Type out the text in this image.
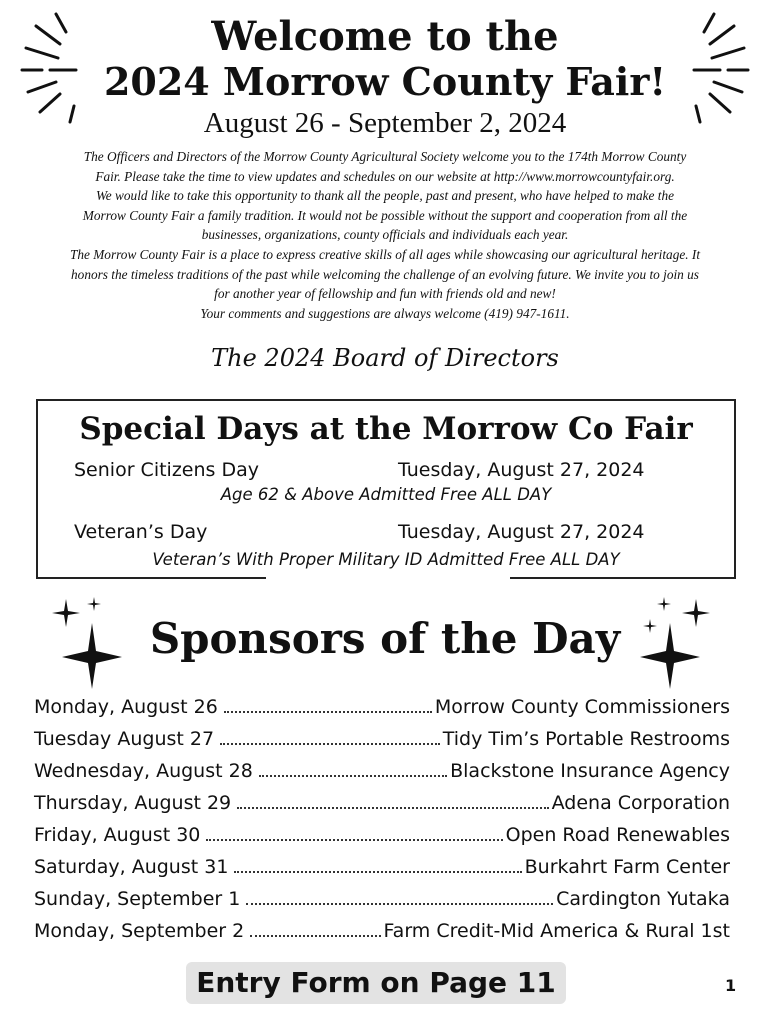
Welcome to the
2024 Morrow County Fair!
August 26 - September 2, 2024
The Officers and Directors of the Morrow County Agricultural Society welcome you to the 174th Morrow County
Fair. Please take the time to view updates and schedules on our website at http://www.morrowcountyfair.org.
We would like to take this opportunity to thank all the people, past and present, who have helped to make the
Morrow County Fair a family tradition. It would not be possible without the support and cooperation from all the
businesses, organizations, county officials and individuals each year.
The Morrow County Fair is a place to express creative skills of all ages while showcasing our agricultural heritage. It
honors the timeless traditions of the past while welcoming the challenge of an evolving future. We invite you to join us
for another year of fellowship and fun with friends old and new!
Your comments and suggestions are always welcome (419) 947-1611.
The 2024 Board of Directors
Special Days at the Morrow Co Fair
Senior Citizens Day	Tuesday, August 27, 2024
Age 62 & Above Admitted Free ALL DAY
Veteran’s Day	Tuesday, August 27, 2024
Veteran’s With Proper Military ID Admitted Free ALL DAY
Sponsors of the Day
Monday, August 26	Morrow County Commissioners
Tuesday August 27	Tidy Tim’s Portable Restrooms
Wednesday, August 28	Blackstone Insurance Agency
Thursday, August 29	Adena Corporation
Friday, August 30	Open Road Renewables
Saturday, August 31	Burkahrt Farm Center
Sunday, September 1	Cardington Yutaka
Monday, September 2	Farm Credit-Mid America & Rural 1st
Entry Form on Page 11	1
